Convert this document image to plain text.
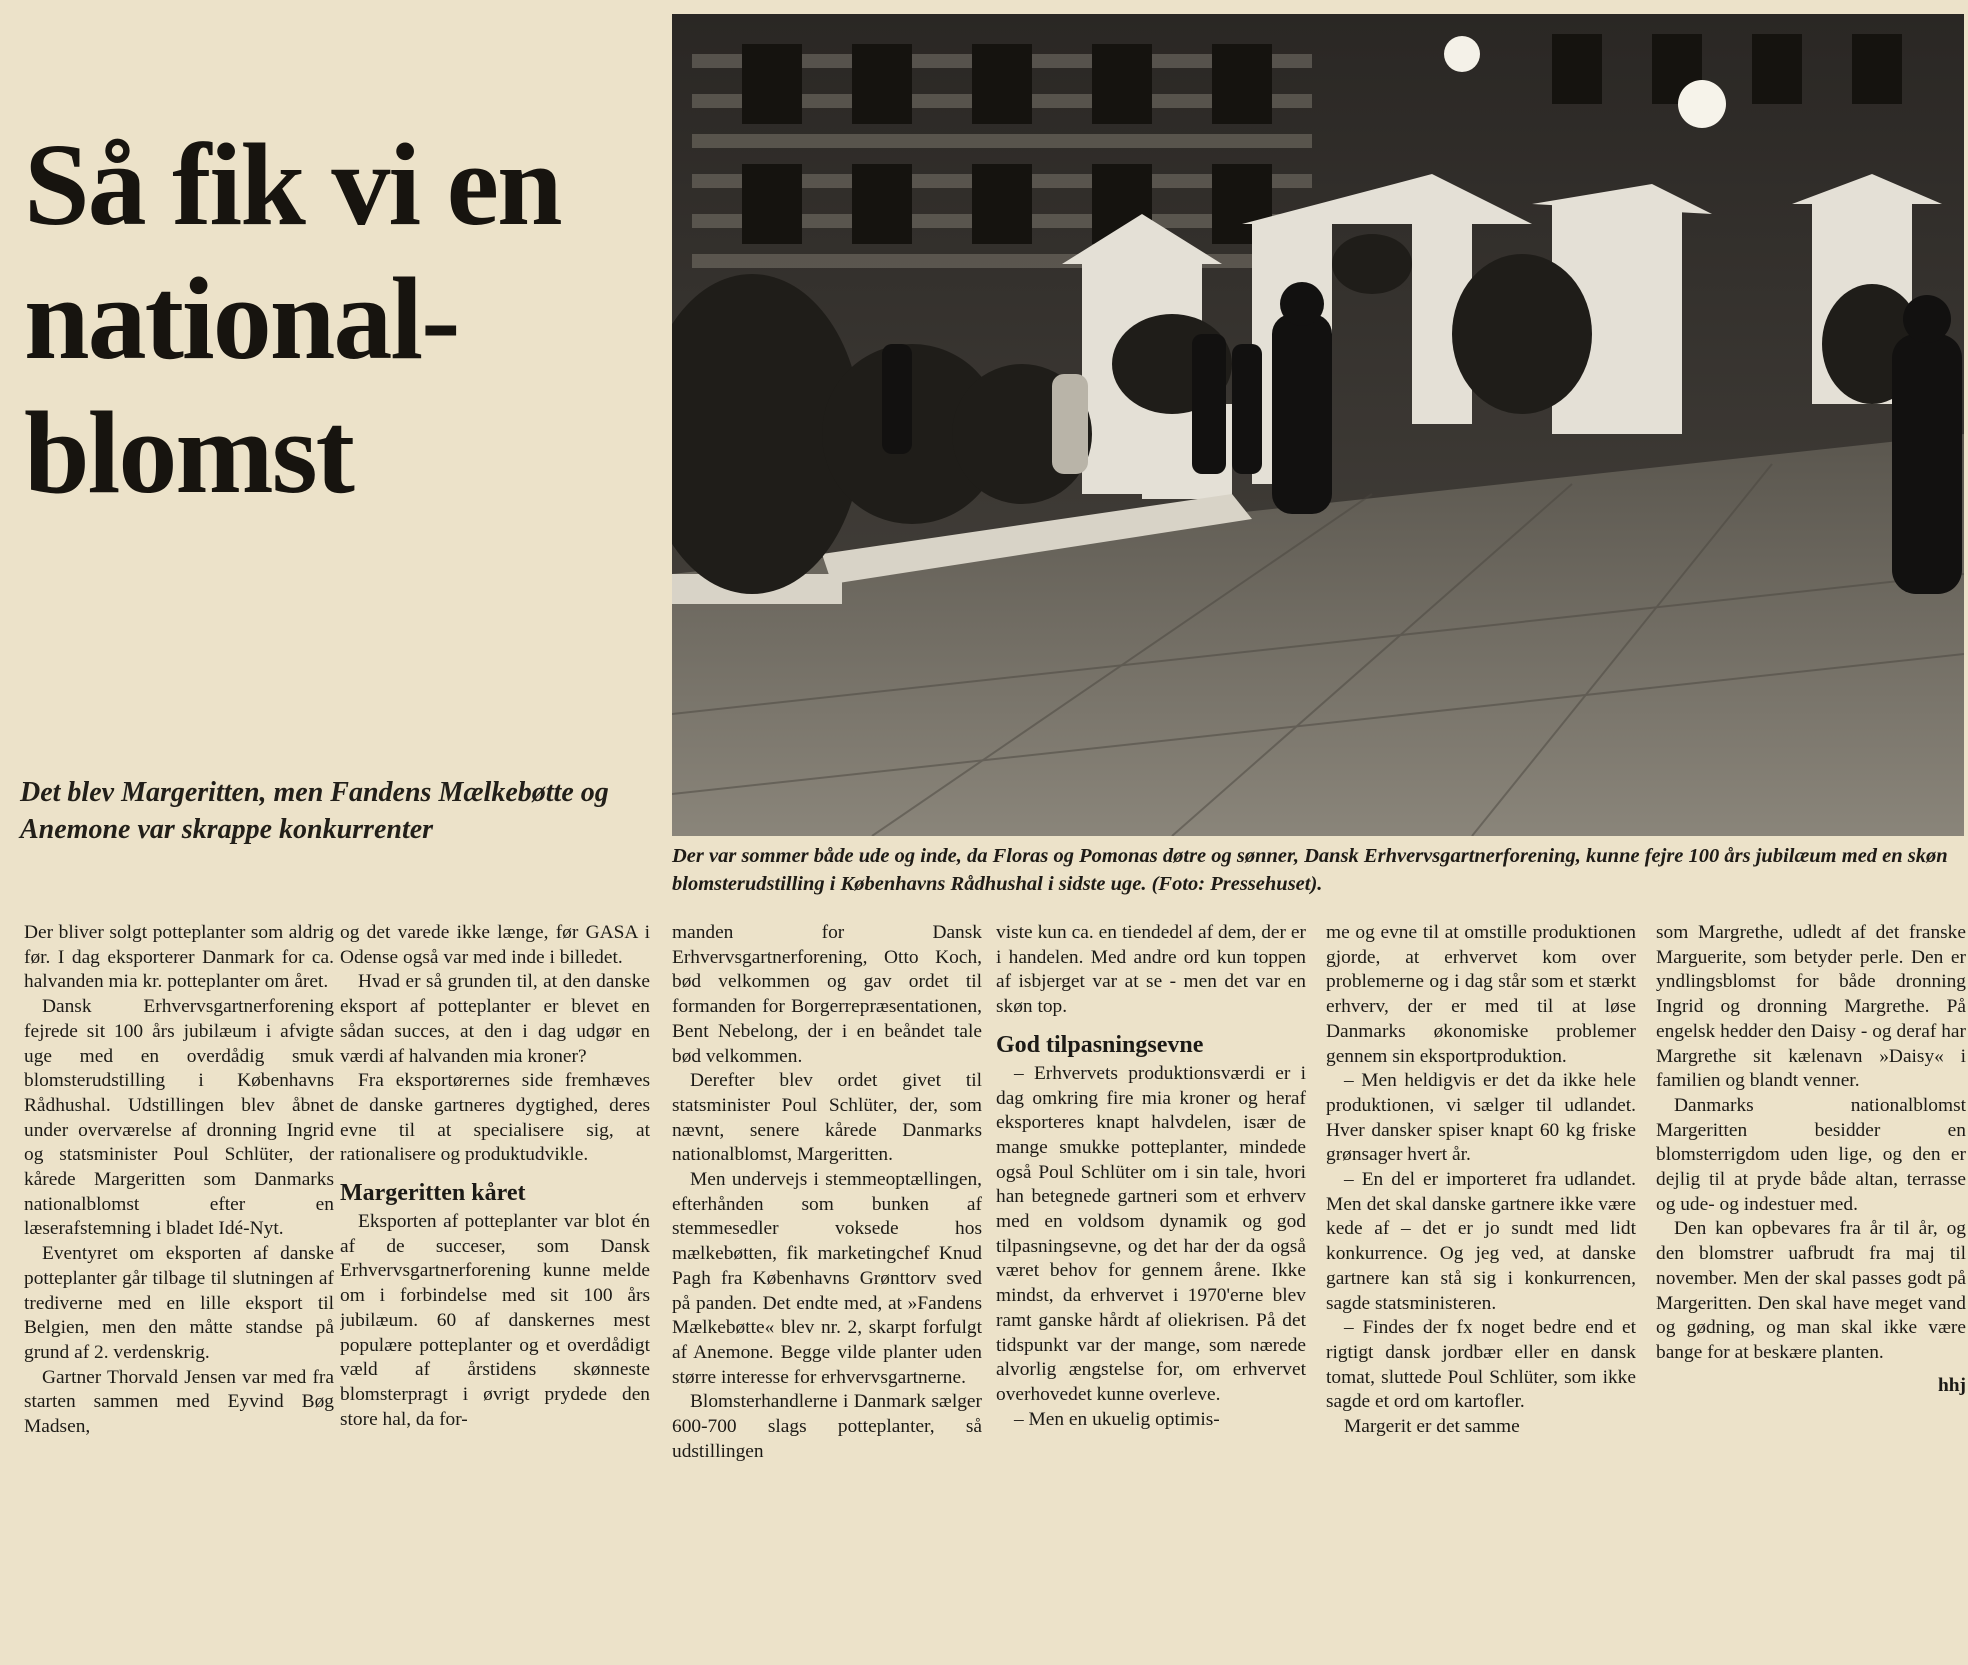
Så fik vi en national-blomst

Det blev Margeritten, men Fandens Mælkebøtte og Anemone var skrappe konkurrenter

Der var sommer både ude og inde, da Floras og Pomonas døtre og sønner, Dansk Erhvervsgartnerforening, kunne fejre 100 års jubilæum med en skøn blomsterudstilling i Københavns Rådhushal i sidste uge. (Foto: Pressehuset).

Der bliver solgt potteplanter som aldrig før. I dag eksporterer Danmark for ca. halvanden mia kr. potteplanter om året.

Dansk Erhvervsgartnerforening fejrede sit 100 års jubilæum i afvigte uge med en overdådig smuk blomsterudstilling i Københavns Rådhushal. Udstillingen blev åbnet under overværelse af dronning Ingrid og statsminister Poul Schlüter, der kårede Margeritten som Danmarks nationalblomst efter en læserafstemning i bladet Idé-Nyt.

Eventyret om eksporten af danske potteplanter går tilbage til slutningen af trediverne med en lille eksport til Belgien, men den måtte standse på grund af 2. verdenskrig.

Gartner Thorvald Jensen var med fra starten sammen med Eyvind Bøg Madsen,

og det varede ikke længe, før GASA i Odense også var med inde i billedet.

Hvad er så grunden til, at den danske eksport af potteplanter er blevet en sådan succes, at den i dag udgør en værdi af halvanden mia kroner?

Fra eksportørernes side fremhæves de danske gartneres dygtighed, deres evne til at specialisere sig, at rationalisere og produktudvikle.

Margeritten kåret

Eksporten af potteplanter var blot én af de succeser, som Dansk Erhvervsgartnerforening kunne melde om i forbindelse med sit 100 års jubilæum. 60 af danskernes mest populære potteplanter og et overdådigt væld af årstidens skønneste blomsterpragt i øvrigt prydede den store hal, da for-

manden for Dansk Erhvervsgartnerforening, Otto Koch, bød velkommen og gav ordet til formanden for Borgerrepræsentationen, Bent Nebelong, der i en beåndet tale bød velkommen.

Derefter blev ordet givet til statsminister Poul Schlüter, der, som nævnt, senere kårede Danmarks nationalblomst, Margeritten.

Men undervejs i stemmeoptællingen, efterhånden som bunken af stemmesedler voksede hos mælkebøtten, fik marketingchef Knud Pagh fra Københavns Grønttorv sved på panden. Det endte med, at »Fandens Mælkebøtte« blev nr. 2, skarpt forfulgt af Anemone. Begge vilde planter uden større interesse for erhvervsgartnerne.

Blomsterhandlerne i Danmark sælger 600-700 slags potteplanter, så udstillingen

viste kun ca. en tiendedel af dem, der er i handelen. Med andre ord kun toppen af isbjerget var at se - men det var en skøn top.

God tilpasningsevne

– Erhvervets produktionsværdi er i dag omkring fire mia kroner og heraf eksporteres knapt halvdelen, især de mange smukke potteplanter, mindede også Poul Schlüter om i sin tale, hvori han betegnede gartneri som et erhverv med en voldsom dynamik og god tilpasningsevne, og det har der da også været behov for gennem årene. Ikke mindst, da erhvervet i 1970'erne blev ramt ganske hårdt af oliekrisen. På det tidspunkt var der mange, som nærede alvorlig ængstelse for, om erhvervet overhovedet kunne overleve.

– Men en ukuelig optimis-

me og evne til at omstille produktionen gjorde, at erhvervet kom over problemerne og i dag står som et stærkt erhverv, der er med til at løse Danmarks økonomiske problemer gennem sin eksportproduktion.

– Men heldigvis er det da ikke hele produktionen, vi sælger til udlandet. Hver dansker spiser knapt 60 kg friske grønsager hvert år.

– En del er importeret fra udlandet. Men det skal danske gartnere ikke være kede af – det er jo sundt med lidt konkurrence. Og jeg ved, at danske gartnere kan stå sig i konkurrencen, sagde statsministeren.

– Findes der fx noget bedre end et rigtigt dansk jordbær eller en dansk tomat, sluttede Poul Schlüter, som ikke sagde et ord om kartofler.

Margerit er det samme

som Margrethe, udledt af det franske Marguerite, som betyder perle. Den er yndlingsblomst for både dronning Ingrid og dronning Margrethe. På engelsk hedder den Daisy - og deraf har Margrethe sit kælenavn »Daisy« i familien og blandt venner.

Danmarks nationalblomst Margeritten besidder en blomsterrigdom uden lige, og den er dejlig til at pryde både altan, terrasse og ude- og indestuer med.

Den kan opbevares fra år til år, og den blomstrer uafbrudt fra maj til november. Men der skal passes godt på Margeritten. Den skal have meget vand og gødning, og man skal ikke være bange for at beskære planten.

hhj
